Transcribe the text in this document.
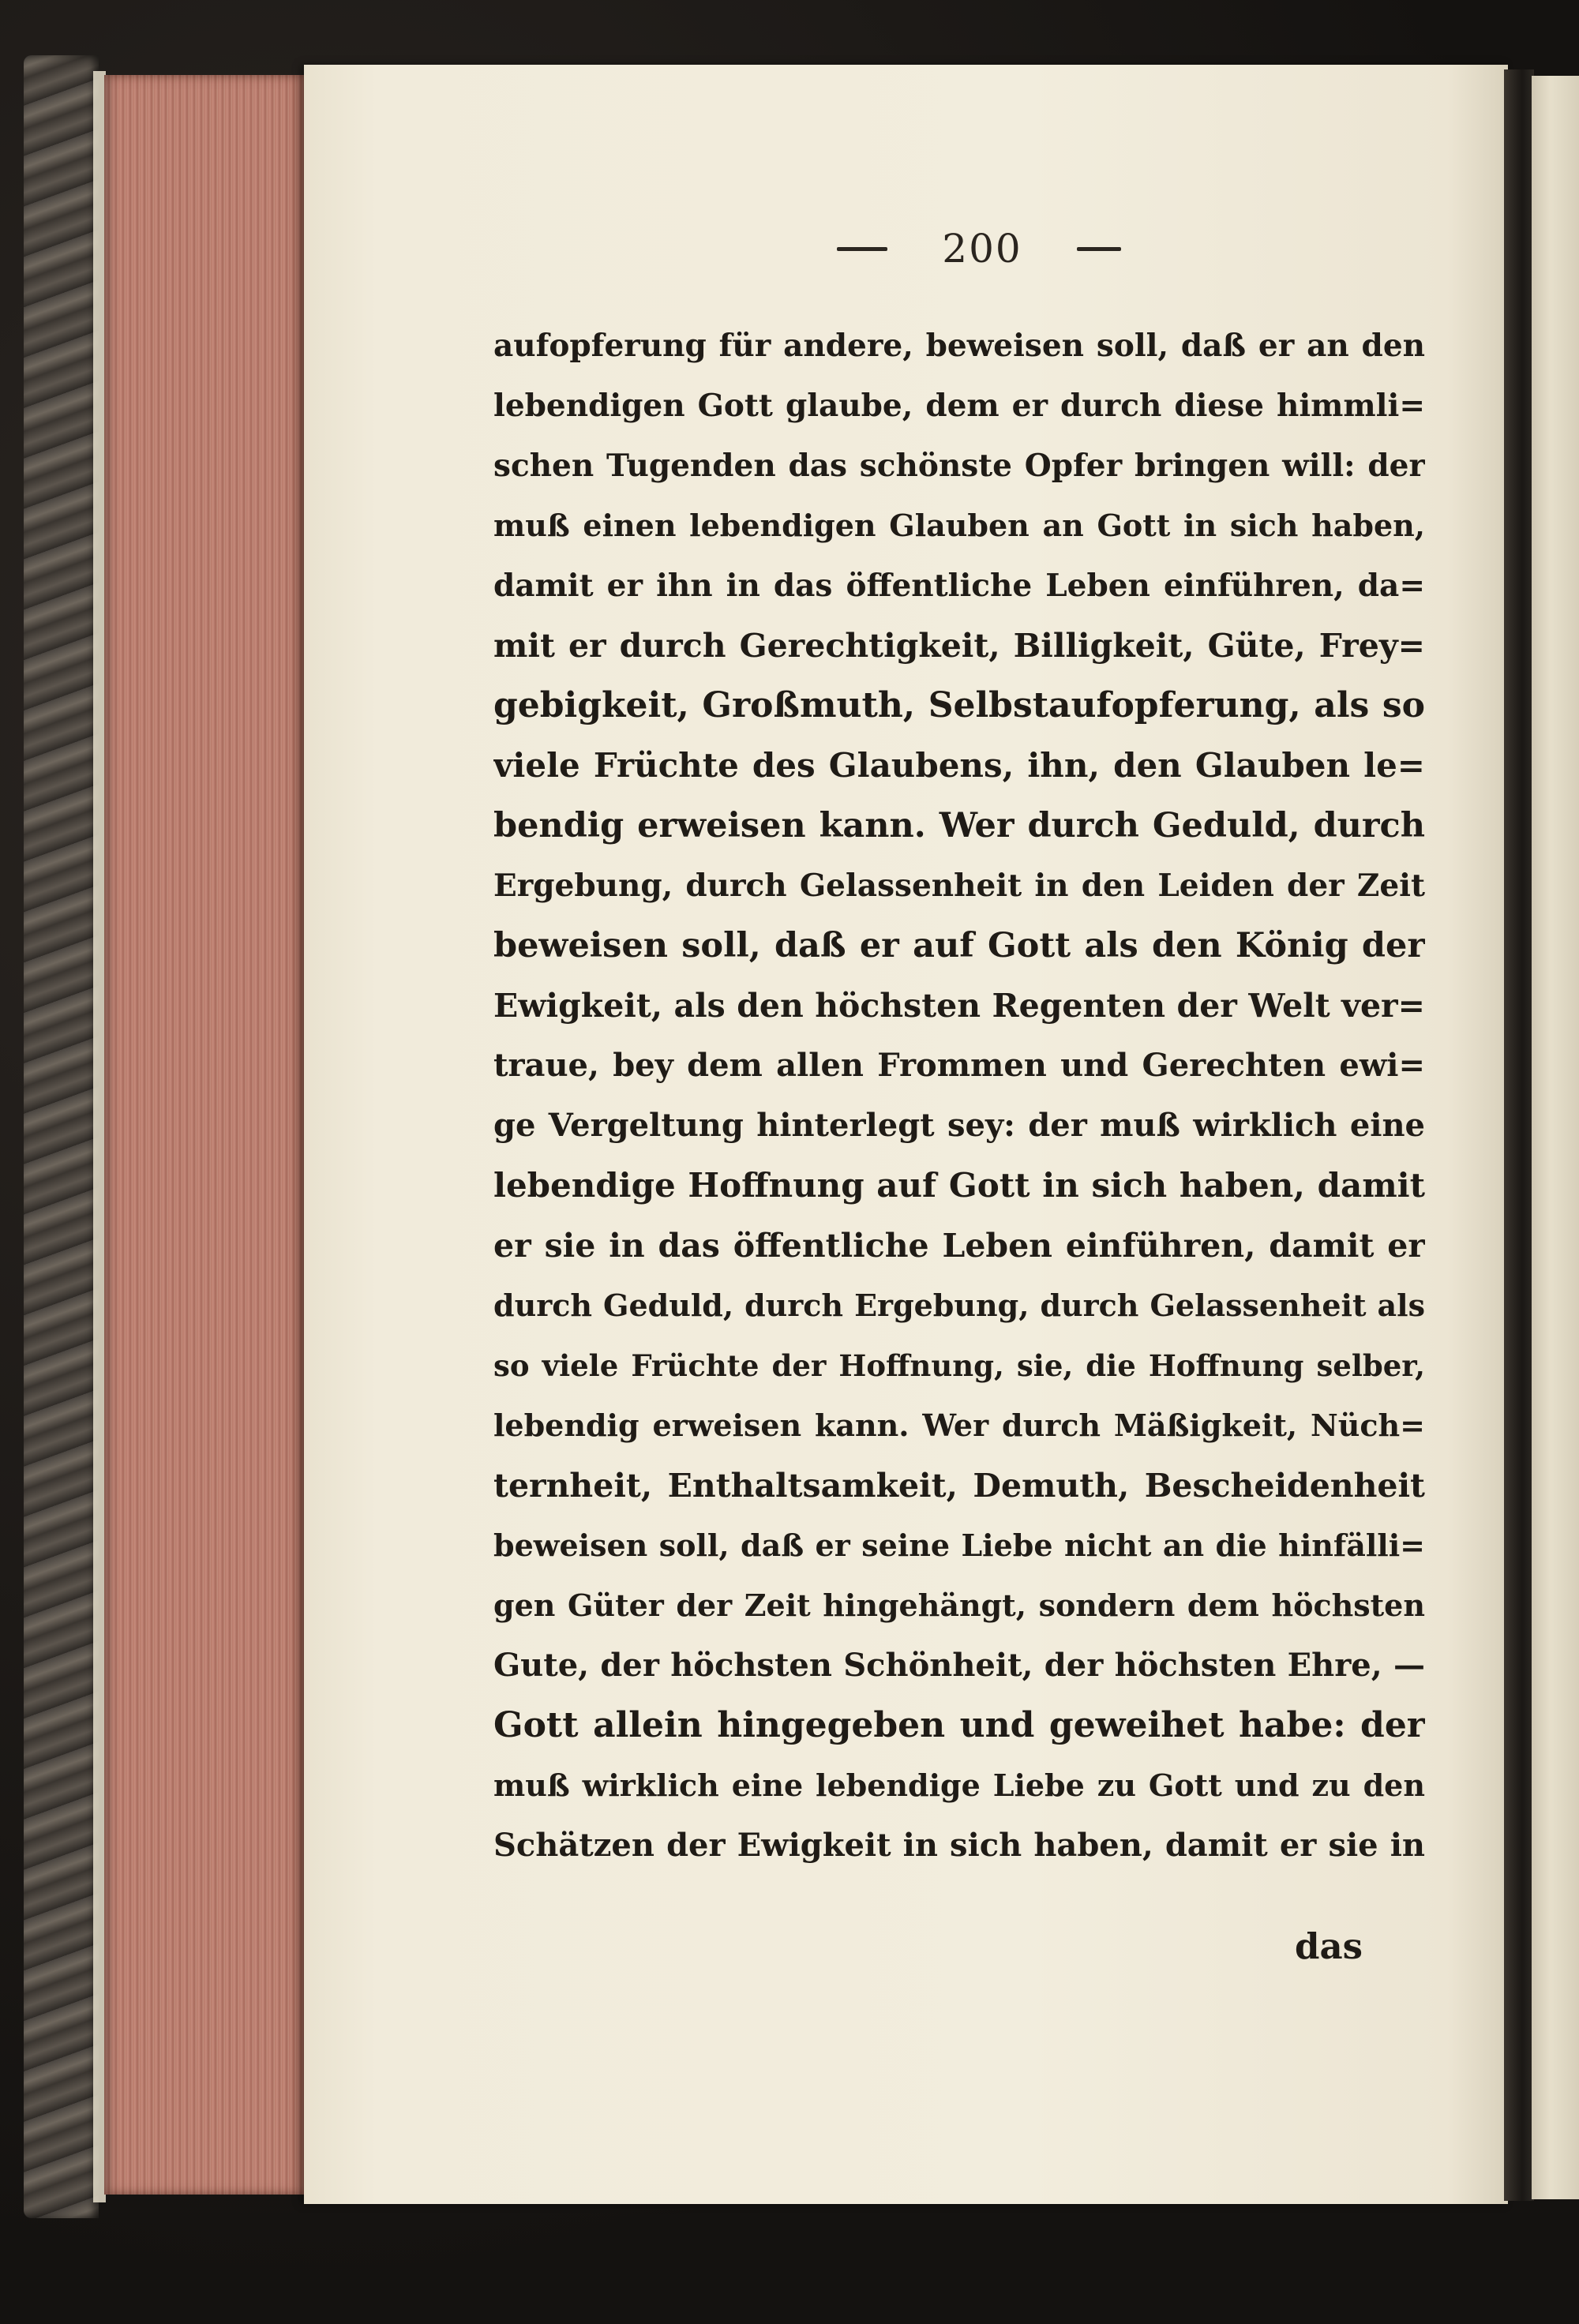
200
aufopferung für andere, beweisen soll, daß er an den
lebendigen Gott glaube, dem er durch diese himmli=
schen Tugenden das schönste Opfer bringen will: der
muß einen lebendigen Glauben an Gott in sich haben,
damit er ihn in das öffentliche Leben einführen, da=
mit er durch Gerechtigkeit, Billigkeit, Güte, Frey=
gebigkeit, Großmuth, Selbstaufopferung, als so
viele Früchte des Glaubens, ihn, den Glauben le=
bendig erweisen kann. Wer durch Geduld, durch
Ergebung, durch Gelassenheit in den Leiden der Zeit
beweisen soll, daß er auf Gott als den König der
Ewigkeit, als den höchsten Regenten der Welt ver=
traue, bey dem allen Frommen und Gerechten ewi=
ge Vergeltung hinterlegt sey: der muß wirklich eine
lebendige Hoffnung auf Gott in sich haben, damit
er sie in das öffentliche Leben einführen, damit er
durch Geduld, durch Ergebung, durch Gelassenheit als
so viele Früchte der Hoffnung, sie, die Hoffnung selber,
lebendig erweisen kann. Wer durch Mäßigkeit, Nüch=
ternheit, Enthaltsamkeit, Demuth, Bescheidenheit
beweisen soll, daß er seine Liebe nicht an die hinfälli=
gen Güter der Zeit hingehängt, sondern dem höchsten
Gute, der höchsten Schönheit, der höchsten Ehre, —
Gott allein hingegeben und geweihet habe: der
muß wirklich eine lebendige Liebe zu Gott und zu den
Schätzen der Ewigkeit in sich haben, damit er sie in
das
